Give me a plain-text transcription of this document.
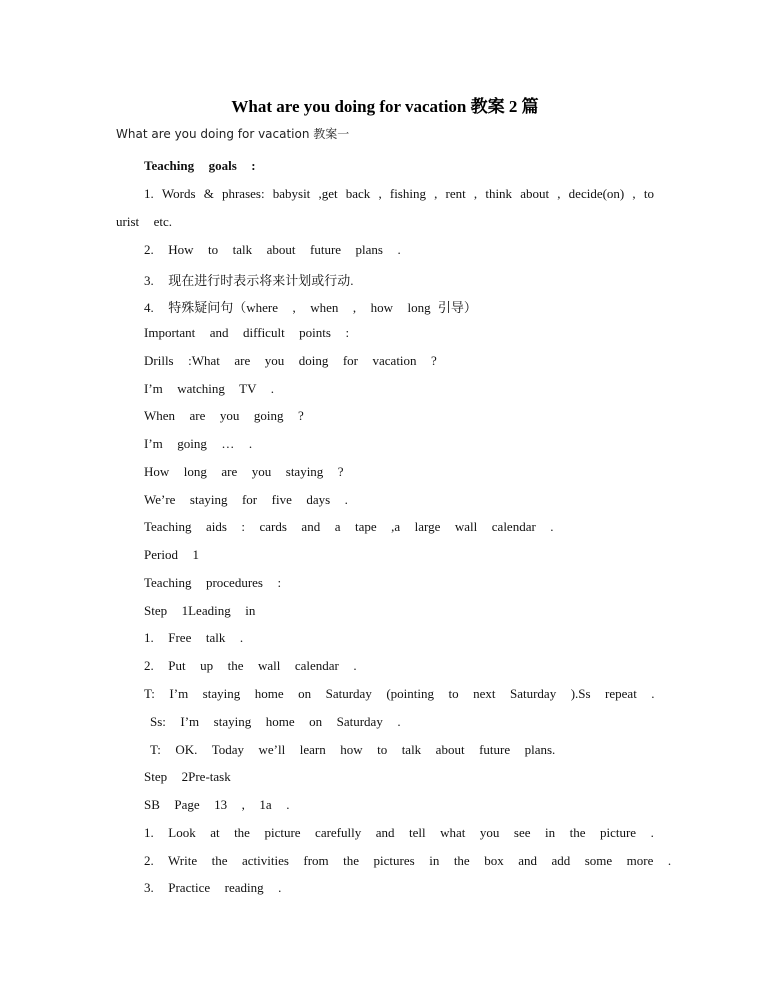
What are you doing for vacation 教案 2 篇
What are you doing for vacation 教案一
Teaching  goals  :
1. Words & phrases: babysit ,get back , fishing , rent , think about , decide(on) , to
urist  etc.
2.  How  to  talk  about  future  plans  .
3.  现在进行时表示将来计划或行动.
4.  特殊疑问句（where  ,  when  ,  how  long 引导）
Important  and  difficult  points  :
Drills  :What  are  you  doing  for  vacation  ?
I’m  watching  TV  .
When  are  you  going  ?
I’m  going  …  .
How  long  are  you  staying  ?
We’re  staying  for  five  days  .
Teaching  aids  :  cards  and  a  tape  ,a  large  wall  calendar  .
Period  1
Teaching  procedures  :
Step  1Leading  in
1.  Free  talk  .
2.  Put  up  the  wall  calendar  .
T:  I’m  staying  home  on  Saturday  (pointing  to  next  Saturday  ).Ss  repeat  .
Ss:  I’m  staying  home  on  Saturday  .
T:  OK.  Today  we’ll  learn  how  to  talk  about  future  plans.
Step  2Pre-task
SB  Page  13  ,  1a  .
1.  Look  at  the  picture  carefully  and  tell  what  you  see  in  the  picture  .
2.  Write  the  activities  from  the  pictures  in  the  box  and  add  some  more  .
3.  Practice  reading  .
